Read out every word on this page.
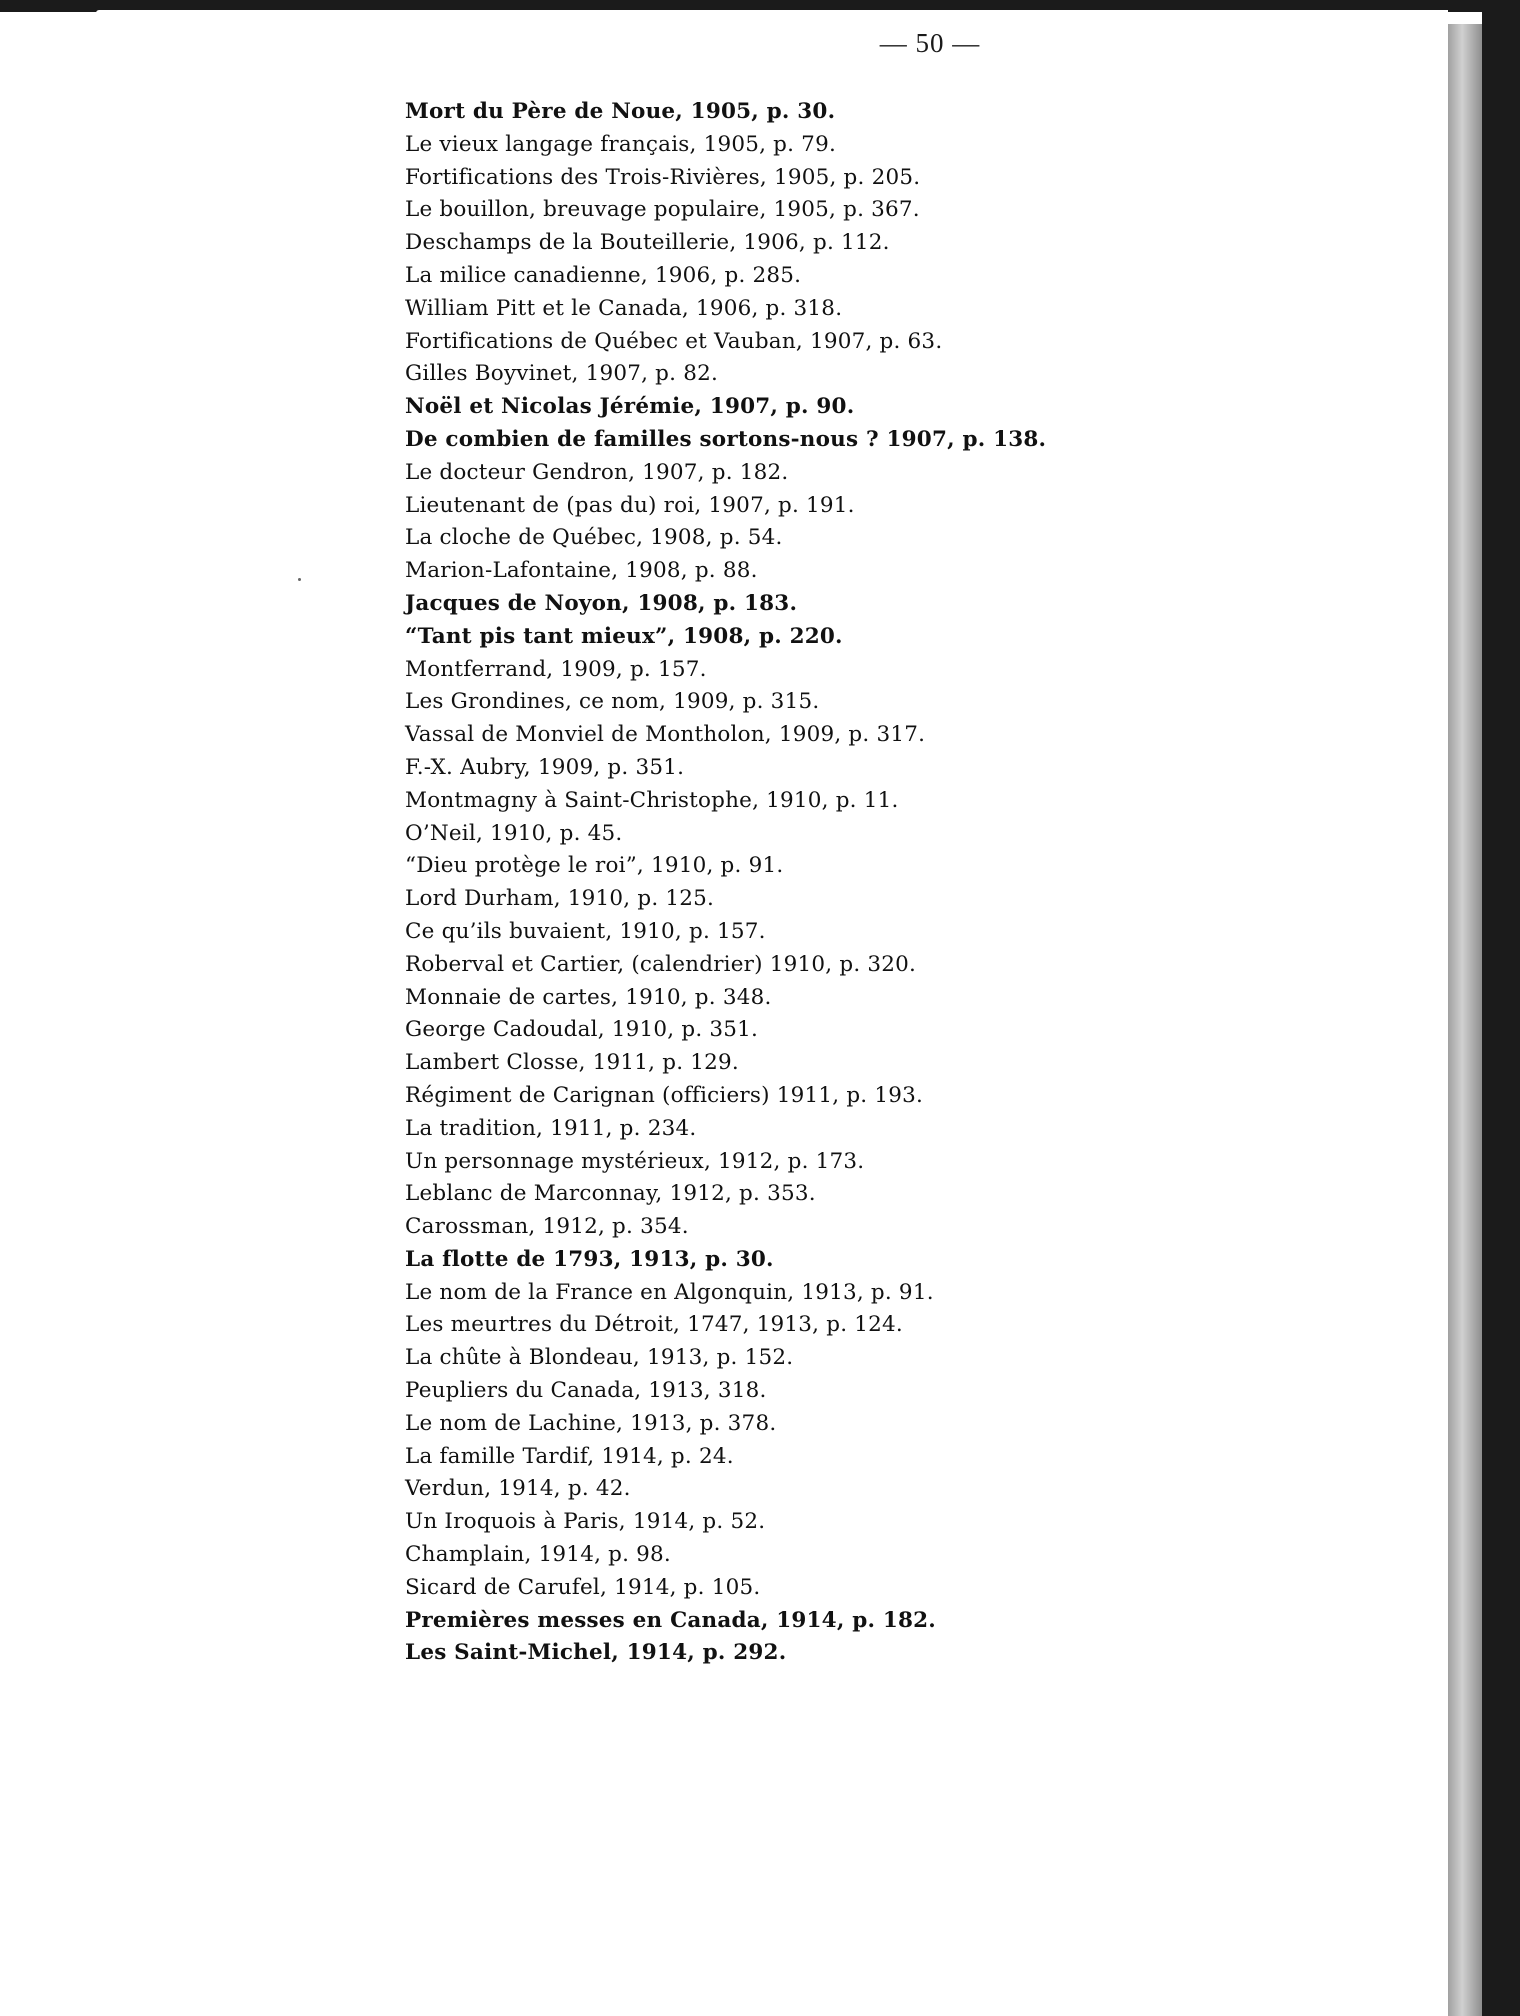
— 50 —
Mort du Père de Noue, 1905, p. 30.
Le vieux langage français, 1905, p. 79.
Fortifications des Trois-Rivières, 1905, p. 205.
Le bouillon, breuvage populaire, 1905, p. 367.
Deschamps de la Bouteillerie, 1906, p. 112.
La milice canadienne, 1906, p. 285.
William Pitt et le Canada, 1906, p. 318.
Fortifications de Québec et Vauban, 1907, p. 63.
Gilles Boyvinet, 1907, p. 82.
Noël et Nicolas Jérémie, 1907, p. 90.
De combien de familles sortons-nous ? 1907, p. 138.
Le docteur Gendron, 1907, p. 182.
Lieutenant de (pas du) roi, 1907, p. 191.
La cloche de Québec, 1908, p. 54.
Marion-Lafontaine, 1908, p. 88.
Jacques de Noyon, 1908, p. 183.
“Tant pis tant mieux”, 1908, p. 220.
Montferrand, 1909, p. 157.
Les Grondines, ce nom, 1909, p. 315.
Vassal de Monviel de Montholon, 1909, p. 317.
F.-X. Aubry, 1909, p. 351.
Montmagny à Saint-Christophe, 1910, p. 11.
O’Neil, 1910, p. 45.
“Dieu protège le roi”, 1910, p. 91.
Lord Durham, 1910, p. 125.
Ce qu’ils buvaient, 1910, p. 157.
Roberval et Cartier, (calendrier) 1910, p. 320.
Monnaie de cartes, 1910, p. 348.
George Cadoudal, 1910, p. 351.
Lambert Closse, 1911, p. 129.
Régiment de Carignan (officiers) 1911, p. 193.
La tradition, 1911, p. 234.
Un personnage mystérieux, 1912, p. 173.
Leblanc de Marconnay, 1912, p. 353.
Carossman, 1912, p. 354.
La flotte de 1793, 1913, p. 30.
Le nom de la France en Algonquin, 1913, p. 91.
Les meurtres du Détroit, 1747, 1913, p. 124.
La chûte à Blondeau, 1913, p. 152.
Peupliers du Canada, 1913, 318.
Le nom de Lachine, 1913, p. 378.
La famille Tardif, 1914, p. 24.
Verdun, 1914, p. 42.
Un Iroquois à Paris, 1914, p. 52.
Champlain, 1914, p. 98.
Sicard de Carufel, 1914, p. 105.
Premières messes en Canada, 1914, p. 182.
Les Saint-Michel, 1914, p. 292.
